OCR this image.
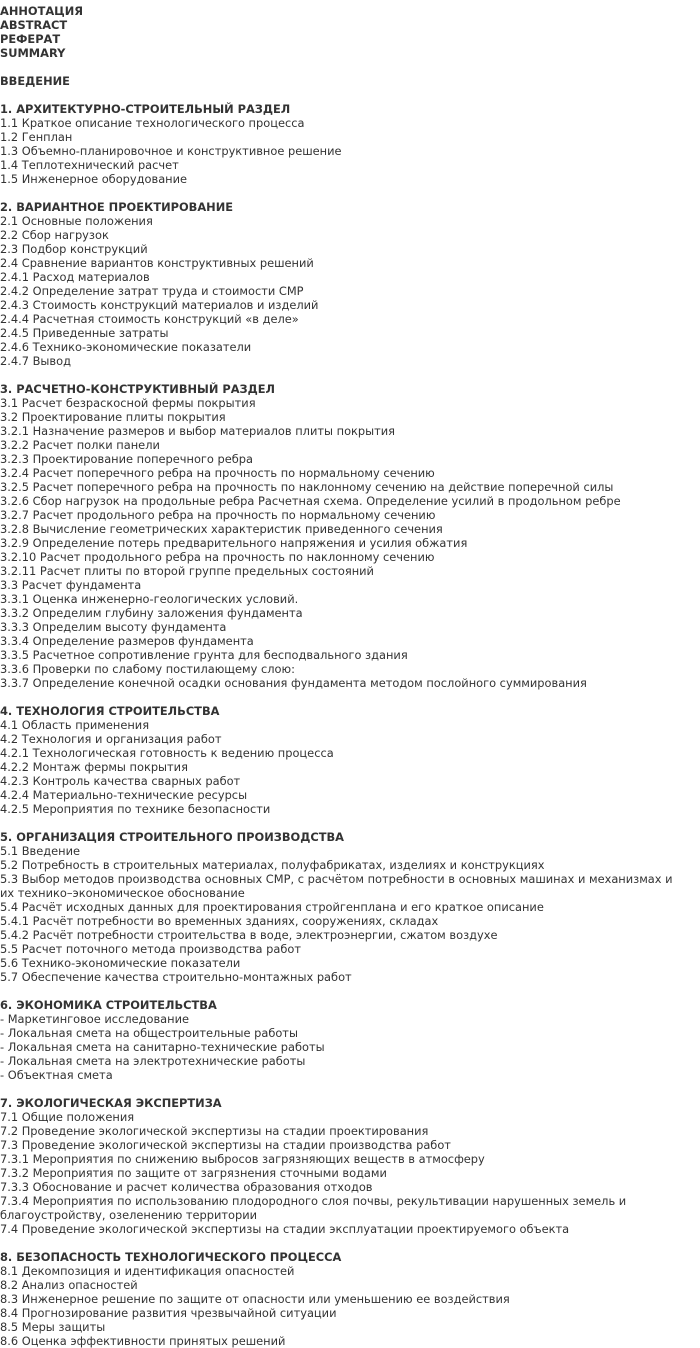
АННОТАЦИЯ
ABSTRACT
РЕФЕРАТ
SUMMARY
ВВЕДЕНИЕ
1. АРХИТЕКТУРНО-СТРОИТЕЛЬНЫЙ РАЗДЕЛ
1.1 Краткое описание технологического процесса
1.2 Генплан
1.3 Объемно-планировочное и конструктивное решение
1.4 Теплотехнический расчет
1.5 Инженерное оборудование
2. ВАРИАНТНОЕ ПРОЕКТИРОВАНИЕ
2.1 Основные положения
2.2 Сбор нагрузок
2.3 Подбор конструкций
2.4 Сравнение вариантов конструктивных решений
2.4.1 Расход материалов
2.4.2 Определение затрат труда и стоимости СМР
2.4.3 Стоимость конструкций материалов и изделий
2.4.4 Расчетная стоимость конструкций «в деле»
2.4.5 Приведенные затраты
2.4.6 Технико-экономические показатели
2.4.7 Вывод
3. РАСЧЕТНО-КОНСТРУКТИВНЫЙ РАЗДЕЛ
3.1 Расчет безраскосной фермы покрытия
3.2 Проектирование плиты покрытия
3.2.1 Назначение размеров и выбор материалов плиты покрытия
3.2.2 Расчет полки панели
3.2.3 Проектирование поперечного ребра
3.2.4 Расчет поперечного ребра на прочность по нормальному сечению
3.2.5 Расчет поперечного ребра на прочность по наклонному сечению на действие поперечной силы
3.2.6 Сбор нагрузок на продольные ребра Расчетная схема. Определение усилий в продольном ребре
3.2.7 Расчет продольного ребра на прочность по нормальному сечению
3.2.8 Вычисление геометрических характеристик приведенного сечения
3.2.9 Определение потерь предварительного напряжения и усилия обжатия
3.2.10 Расчет продольного ребра на прочность по наклонному сечению
3.2.11 Расчет плиты по второй группе предельных состояний
3.3 Расчет фундамента
3.3.1 Оценка инженерно-геологических условий.
3.3.2 Определим глубину заложения фундамента
3.3.3 Определим высоту фундамента
3.3.4 Определение размеров фундамента
3.3.5 Расчетное сопротивление грунта для бесподвального здания
3.3.6 Проверки по слабому постилающему слою:
3.3.7 Определение конечной осадки основания фундамента методом послойного суммирования
4. ТЕХНОЛОГИЯ СТРОИТЕЛЬСТВА
4.1 Область применения
4.2 Технология и организация работ
4.2.1 Технологическая готовность к ведению процесса
4.2.2 Монтаж фермы покрытия
4.2.3 Контроль качества сварных работ
4.2.4 Материально-технические ресурсы
4.2.5 Мероприятия по технике безопасности
5. ОРГАНИЗАЦИЯ СТРОИТЕЛЬНОГО ПРОИЗВОДСТВА
5.1 Введение
5.2 Потребность в строительных материалах, полуфабрикатах, изделиях и конструкциях
5.3 Выбор методов производства основных СМР, с расчётом потребности в основных машинах и механизмах и их технико–экономическое обоснование
5.4 Расчёт исходных данных для проектирования стройгенплана и его краткое описание
5.4.1 Расчёт потребности во временных зданиях, сооружениях, складах
5.4.2 Расчёт потребности строительства в воде, электроэнергии, сжатом воздухе
5.5 Расчет поточного метода производства работ
5.6 Технико-экономические показатели
5.7 Обеспечение качества строительно-монтажных работ
6. ЭКОНОМИКА СТРОИТЕЛЬСТВА
- Маркетинговое исследование
- Локальная смета на общестроительные работы
- Локальная смета на санитарно-технические работы
- Локальная смета на электротехнические работы
- Объектная смета
7. ЭКОЛОГИЧЕСКАЯ ЭКСПЕРТИЗА
7.1 Общие положения
7.2 Проведение экологической экспертизы на стадии проектирования
7.3 Проведение экологической экспертизы на стадии производства работ
7.3.1 Мероприятия по снижению выбросов загрязняющих веществ в атмосферу
7.3.2 Мероприятия по защите от загрязнения сточными водами
7.3.3 Обоснование и расчет количества образования отходов
7.3.4 Мероприятия по использованию плодородного слоя почвы, рекультивации нарушенных земель и благоустройству, озеленению территории
7.4 Проведение экологической экспертизы на стадии эксплуатации проектируемого объекта
8. БЕЗОПАСНОСТЬ ТЕХНОЛОГИЧЕСКОГО ПРОЦЕССА
8.1 Декомпозиция и идентификация опасностей
8.2 Анализ опасностей
8.3 Инженерное решение по защите от опасности или уменьшению ее воздействия
8.4 Прогнозирование развития чрезвычайной ситуации
8.5 Меры защиты
8.6 Оценка эффективности принятых решений
